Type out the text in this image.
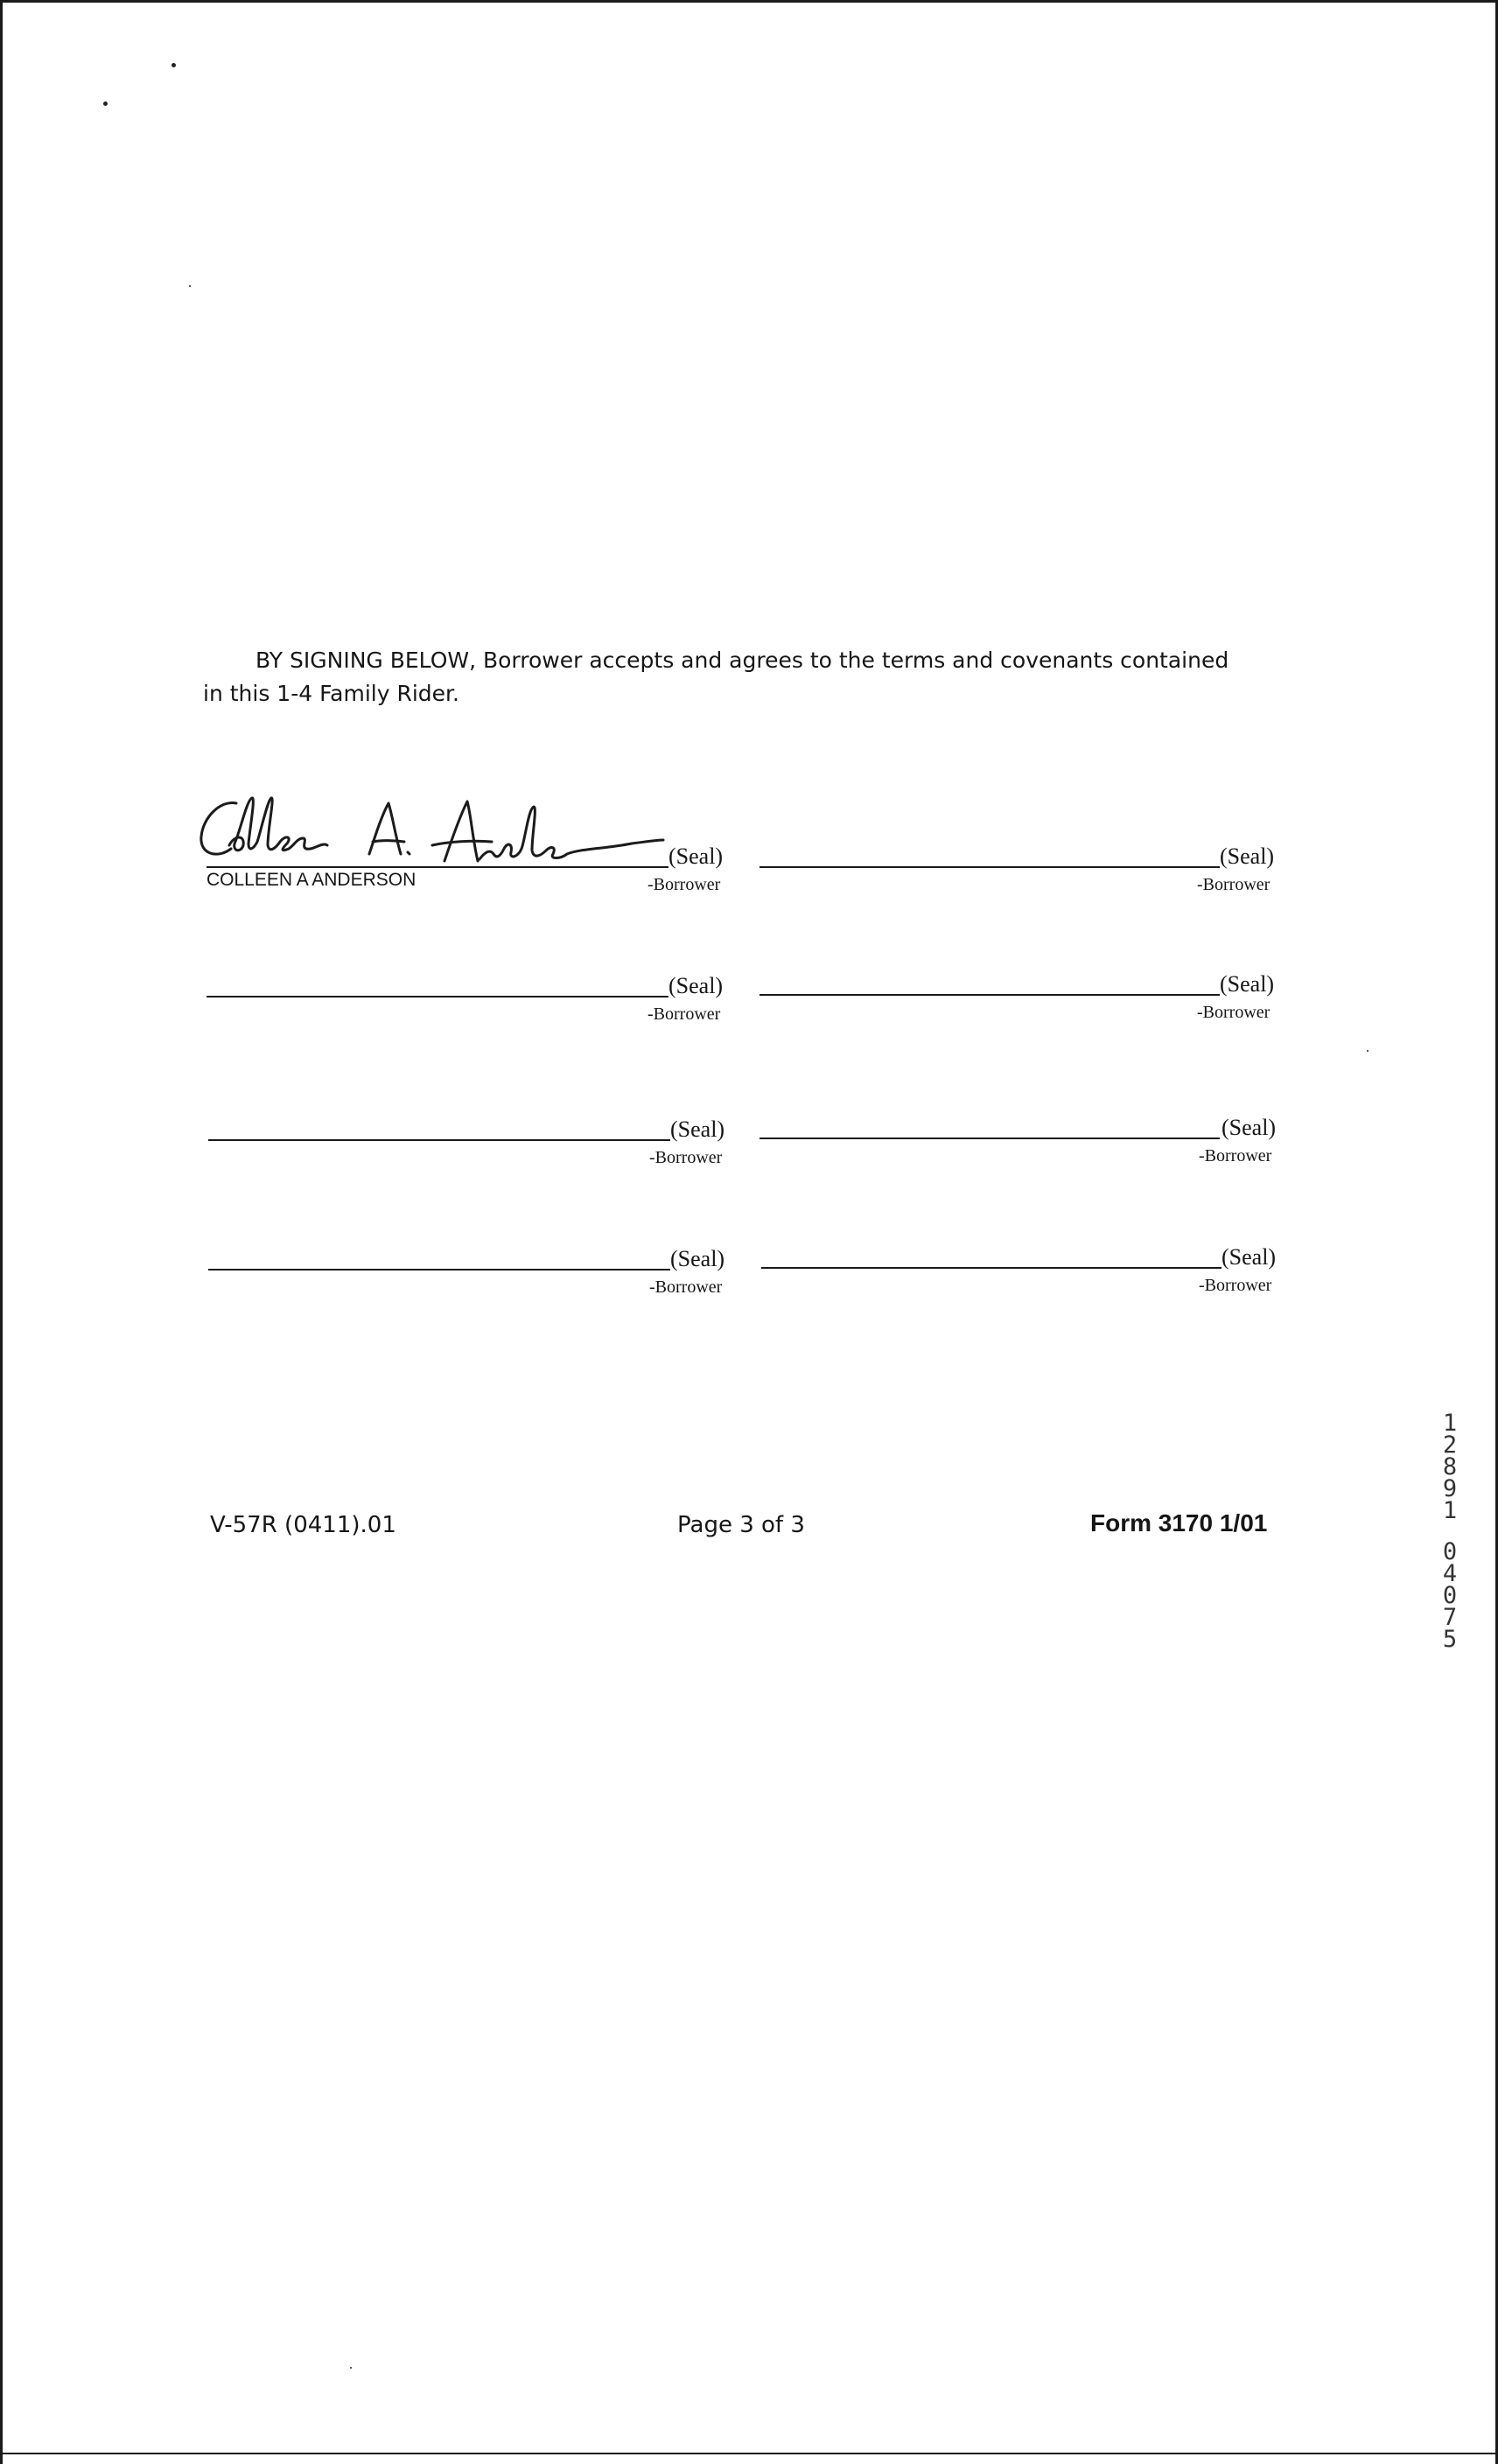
BY SIGNING BELOW, Borrower accepts and agrees to the terms and covenants contained
in this 1-4 Family Rider.
(Seal)
COLLEEN A ANDERSON	-Borrower
(Seal)
-Borrower
(Seal)
-Borrower
(Seal)
-Borrower
(Seal)
-Borrower
(Seal)
-Borrower
(Seal)
-Borrower
(Seal)
-Borrower
V-57R (0411).01	Page 3 of 3	Form 3170 1/01
1
2
8
9
1
0
4
0
7
5
